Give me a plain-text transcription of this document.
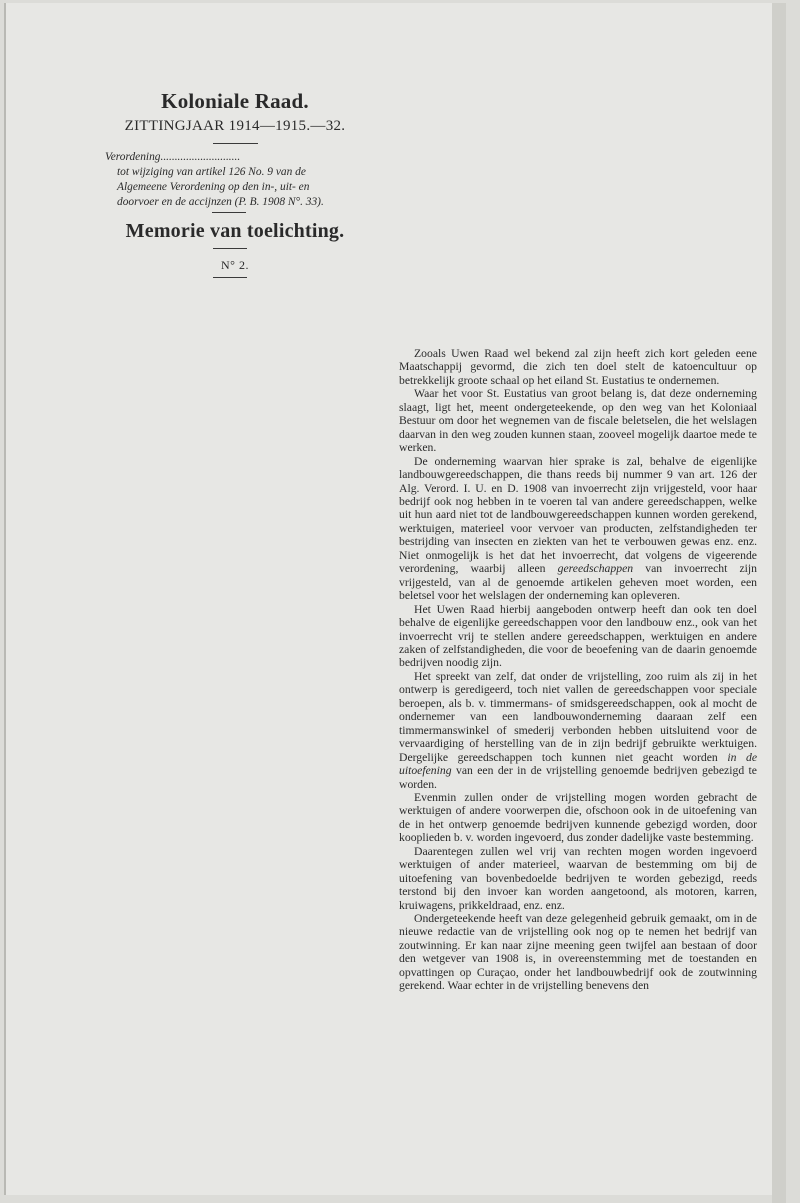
Koloniale Raad.
ZITTINGJAAR 1914—1915.—32.
Verordening............................
tot wijziging van artikel 126 No. 9 van de
Algemeene Verordening op den in-, uit- en
doorvoer en de accijnzen (P. B. 1908 N°. 33).
Memorie van toelichting.
N° 2.

Zooals Uwen Raad wel bekend zal zijn heeft zich kort geleden eene Maatschappij gevormd, die zich ten doel stelt de katoencultuur op betrekkelijk groote schaal op het eiland St. Eustatius te ondernemen.

Waar het voor St. Eustatius van groot belang is, dat deze onderneming slaagt, ligt het, meent ondergeteekende, op den weg van het Koloniaal Bestuur om door het wegnemen van de fiscale beletselen, die het welslagen daarvan in den weg zouden kunnen staan, zooveel mogelijk daartoe mede te werken.

De onderneming waarvan hier sprake is zal, behalve de eigenlijke landbouwgereedschappen, die thans reeds bij nummer 9 van art. 126 der Alg. Verord. I. U. en D. 1908 van invoerrecht zijn vrijgesteld, voor haar bedrijf ook nog hebben in te voeren tal van andere gereedschappen, welke uit hun aard niet tot de landbouwgereedschappen kunnen worden gerekend, werktuigen, materieel voor vervoer van producten, zelfstandigheden ter bestrijding van insecten en ziekten van het te verbouwen gewas enz. enz. Niet onmogelijk is het dat het invoerrecht, dat volgens de vigeerende verordening, waarbij alleen gereedschappen van invoerrecht zijn vrijgesteld, van al de genoemde artikelen geheven moet worden, een beletsel voor het welslagen der onderneming kan opleveren.

Het Uwen Raad hierbij aangeboden ontwerp heeft dan ook ten doel behalve de eigenlijke gereedschappen voor den landbouw enz., ook van het invoerrecht vrij te stellen andere gereedschappen, werktuigen en andere zaken of zelfstandigheden, die voor de beoefening van de daarin genoemde bedrijven noodig zijn.

Het spreekt van zelf, dat onder de vrijstelling, zoo ruim als zij in het ontwerp is geredigeerd, toch niet vallen de gereedschappen voor speciale beroepen, als b. v. timmermans- of smidsgereedschappen, ook al mocht de ondernemer van een landbouwonderneming daaraan zelf een timmermanswinkel of smederij verbonden hebben uitsluitend voor de vervaardiging of herstelling van de in zijn bedrijf gebruikte werktuigen. Dergelijke gereedschappen toch kunnen niet geacht worden in de uitoefening van een der in de vrijstelling genoemde bedrijven gebezigd te worden.

Evenmin zullen onder de vrijstelling mogen worden gebracht de werktuigen of andere voorwerpen die, ofschoon ook in de uitoefening van de in het ontwerp genoemde bedrijven kunnende gebezigd worden, door kooplieden b. v. worden ingevoerd, dus zonder dadelijke vaste bestemming.

Daarentegen zullen wel vrij van rechten mogen worden ingevoerd werktuigen of ander materieel, waarvan de bestemming om bij de uitoefening van bovenbedoelde bedrijven te worden gebezigd, reeds terstond bij den invoer kan worden aangetoond, als motoren, karren, kruiwagens, prikkeldraad, enz. enz.

Ondergeteekende heeft van deze gelegenheid gebruik gemaakt, om in de nieuwe redactie van de vrijstelling ook nog op te nemen het bedrijf van zoutwinning. Er kan naar zijne meening geen twijfel aan bestaan of door den wetgever van 1908 is, in overeenstemming met de toestanden en opvattingen op Curaçao, onder het landbouwbedrijf ook de zoutwinning gerekend. Waar echter in de vrijstelling benevens den
